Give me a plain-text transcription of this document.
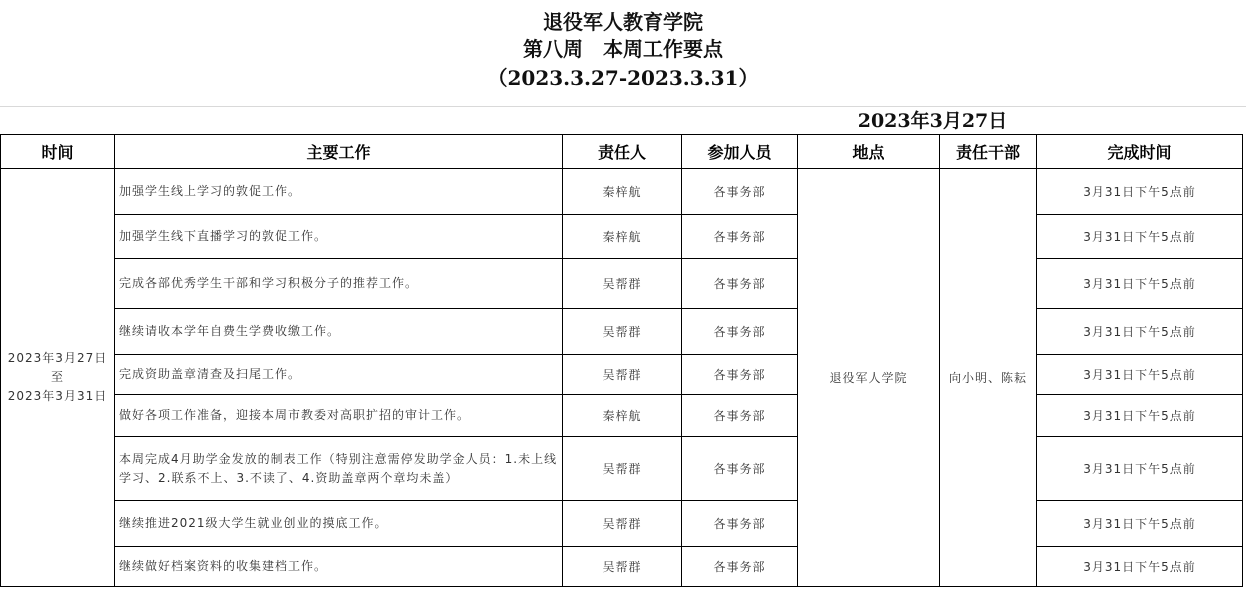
退役军人教育学院
第八周　本周工作要点
（2023.3.27-2023.3.31）
2023年3月27日
时间	主要工作	责任人	参加人员	地点	责任干部	完成时间

2023年3月27日
至
2023年3月31日	加强学生线上学习的敦促工作。	秦梓航	各事务部	退役军人学院	向小明、陈耘	3月31日下午5点前
	加强学生线下直播学习的敦促工作。	秦梓航	各事务部			3月31日下午5点前
	完成各部优秀学生干部和学习积极分子的推荐工作。	吴帮群	各事务部			3月31日下午5点前
	继续请收本学年自费生学费收缴工作。	吴帮群	各事务部			3月31日下午5点前
	完成资助盖章清查及扫尾工作。	吴帮群	各事务部			3月31日下午5点前
	做好各项工作准备，迎接本周市教委对高职扩招的审计工作。	秦梓航	各事务部			3月31日下午5点前
	本周完成4月助学金发放的制表工作（特别注意需停发助学金人员：1.未上线学习、2.联系不上、3.不读了、4.资助盖章两个章均未盖）	吴帮群	各事务部			3月31日下午5点前
	继续推进2021级大学生就业创业的摸底工作。	吴帮群	各事务部			3月31日下午5点前
	继续做好档案资料的收集建档工作。	吴帮群	各事务部			3月31日下午5点前
